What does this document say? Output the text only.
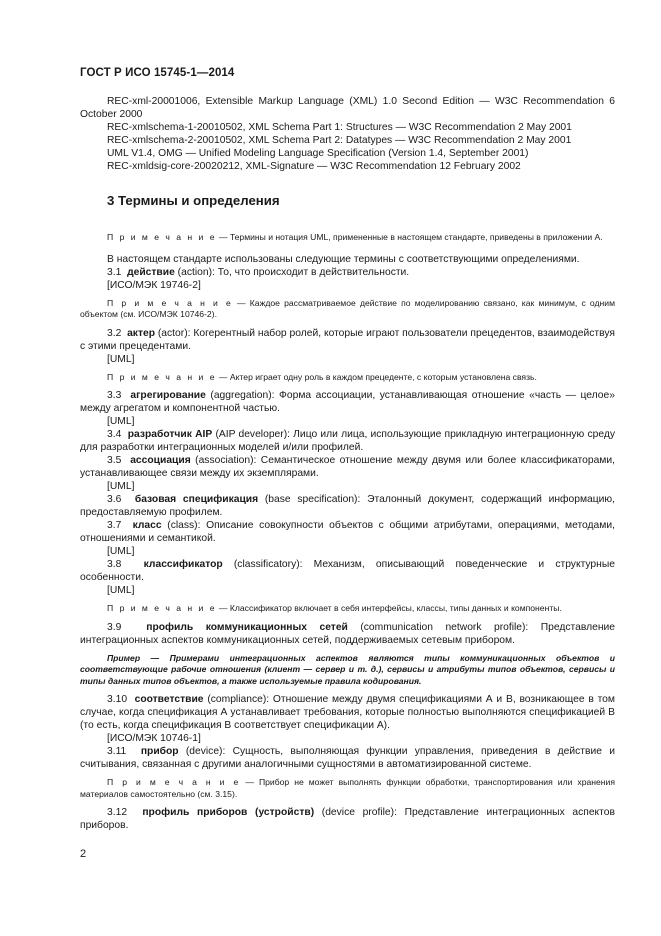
ГОСТ Р ИСО 15745-1—2014

REC-xml-20001006, Extensible Markup Language (XML) 1.0 Second Edition — W3C Recommendation 6 October 2000

REC-xmlschema-1-20010502, XML Schema Part 1: Structures — W3C Recommendation 2 May 2001

REC-xmlschema-2-20010502, XML Schema Part 2: Datatypes — W3C Recommendation 2 May 2001

UML V1.4, OMG — Unified Modeling Language Specification (Version 1.4, September 2001)

REC-xmldsig-core-20020212, XML-Signature — W3C Recommendation 12 February 2002

3 Термины и определения

П р и м е ч а н и е — Термины и нотация UML, примененные в настоящем стандарте, приведены в приложении А.

В настоящем стандарте использованы следующие термины с соответствующими определениями.

3.1 действие (action): То, что происходит в действительности.

[ИСО/МЭК 19746-2]

П р и м е ч а н и е — Каждое рассматриваемое действие по моделированию связано, как минимум, с одним объектом (см. ИСО/МЭК 10746-2).

3.2 актер (actor): Когерентный набор ролей, которые играют пользователи прецедентов, взаимодействуя с этими прецедентами.

[UML]

П р и м е ч а н и е — Актер играет одну роль в каждом прецеденте, с которым установлена связь.

3.3 агрегирование (aggregation): Форма ассоциации, устанавливающая отношение «часть — целое» между агрегатом и компонентной частью.

[UML]

3.4 разработчик AIP (AIP developer): Лицо или лица, использующие прикладную интеграционную среду для разработки интеграционных моделей и/или профилей.

3.5 ассоциация (association): Семантическое отношение между двумя или более классификаторами, устанавливающее связи между их экземплярами.

[UML]

3.6 базовая спецификация (base specification): Эталонный документ, содержащий информацию, предоставляемую профилем.

3.7 класс (class): Описание совокупности объектов с общими атрибутами, операциями, методами, отношениями и семантикой.

[UML]

3.8 классификатор (classificatory): Механизм, описывающий поведенческие и структурные особенности.

[UML]

П р и м е ч а н и е — Классификатор включает в себя интерфейсы, классы, типы данных и компоненты.

3.9 профиль коммуникационных сетей (communication network profile): Представление интеграционных аспектов коммуникационных сетей, поддерживаемых сетевым прибором.

Пример — Примерами интеграционных аспектов являются типы коммуникационных объектов и соответствующие рабочие отношения (клиент — сервер и т. д.), сервисы и атрибуты типов объектов, сервисы и типы данных типов объектов, а также используемые правила кодирования.

3.10 соответствие (compliance): Отношение между двумя спецификациями А и В, возникающее в том случае, когда спецификация А устанавливает требования, которые полностью выполняются спецификацией В (то есть, когда спецификация В соответствует спецификации А).

[ИСО/МЭК 10746-1]

3.11 прибор (device): Сущность, выполняющая функции управления, приведения в действие и считывания, связанная с другими аналогичными сущностями в автоматизированной системе.

П р и м е ч а н и е — Прибор не может выполнять функции обработки, транспортирования или хранения материалов самостоятельно (см. 3.15).

3.12 профиль приборов (устройств) (device profile): Представление интеграционных аспектов приборов.

2
